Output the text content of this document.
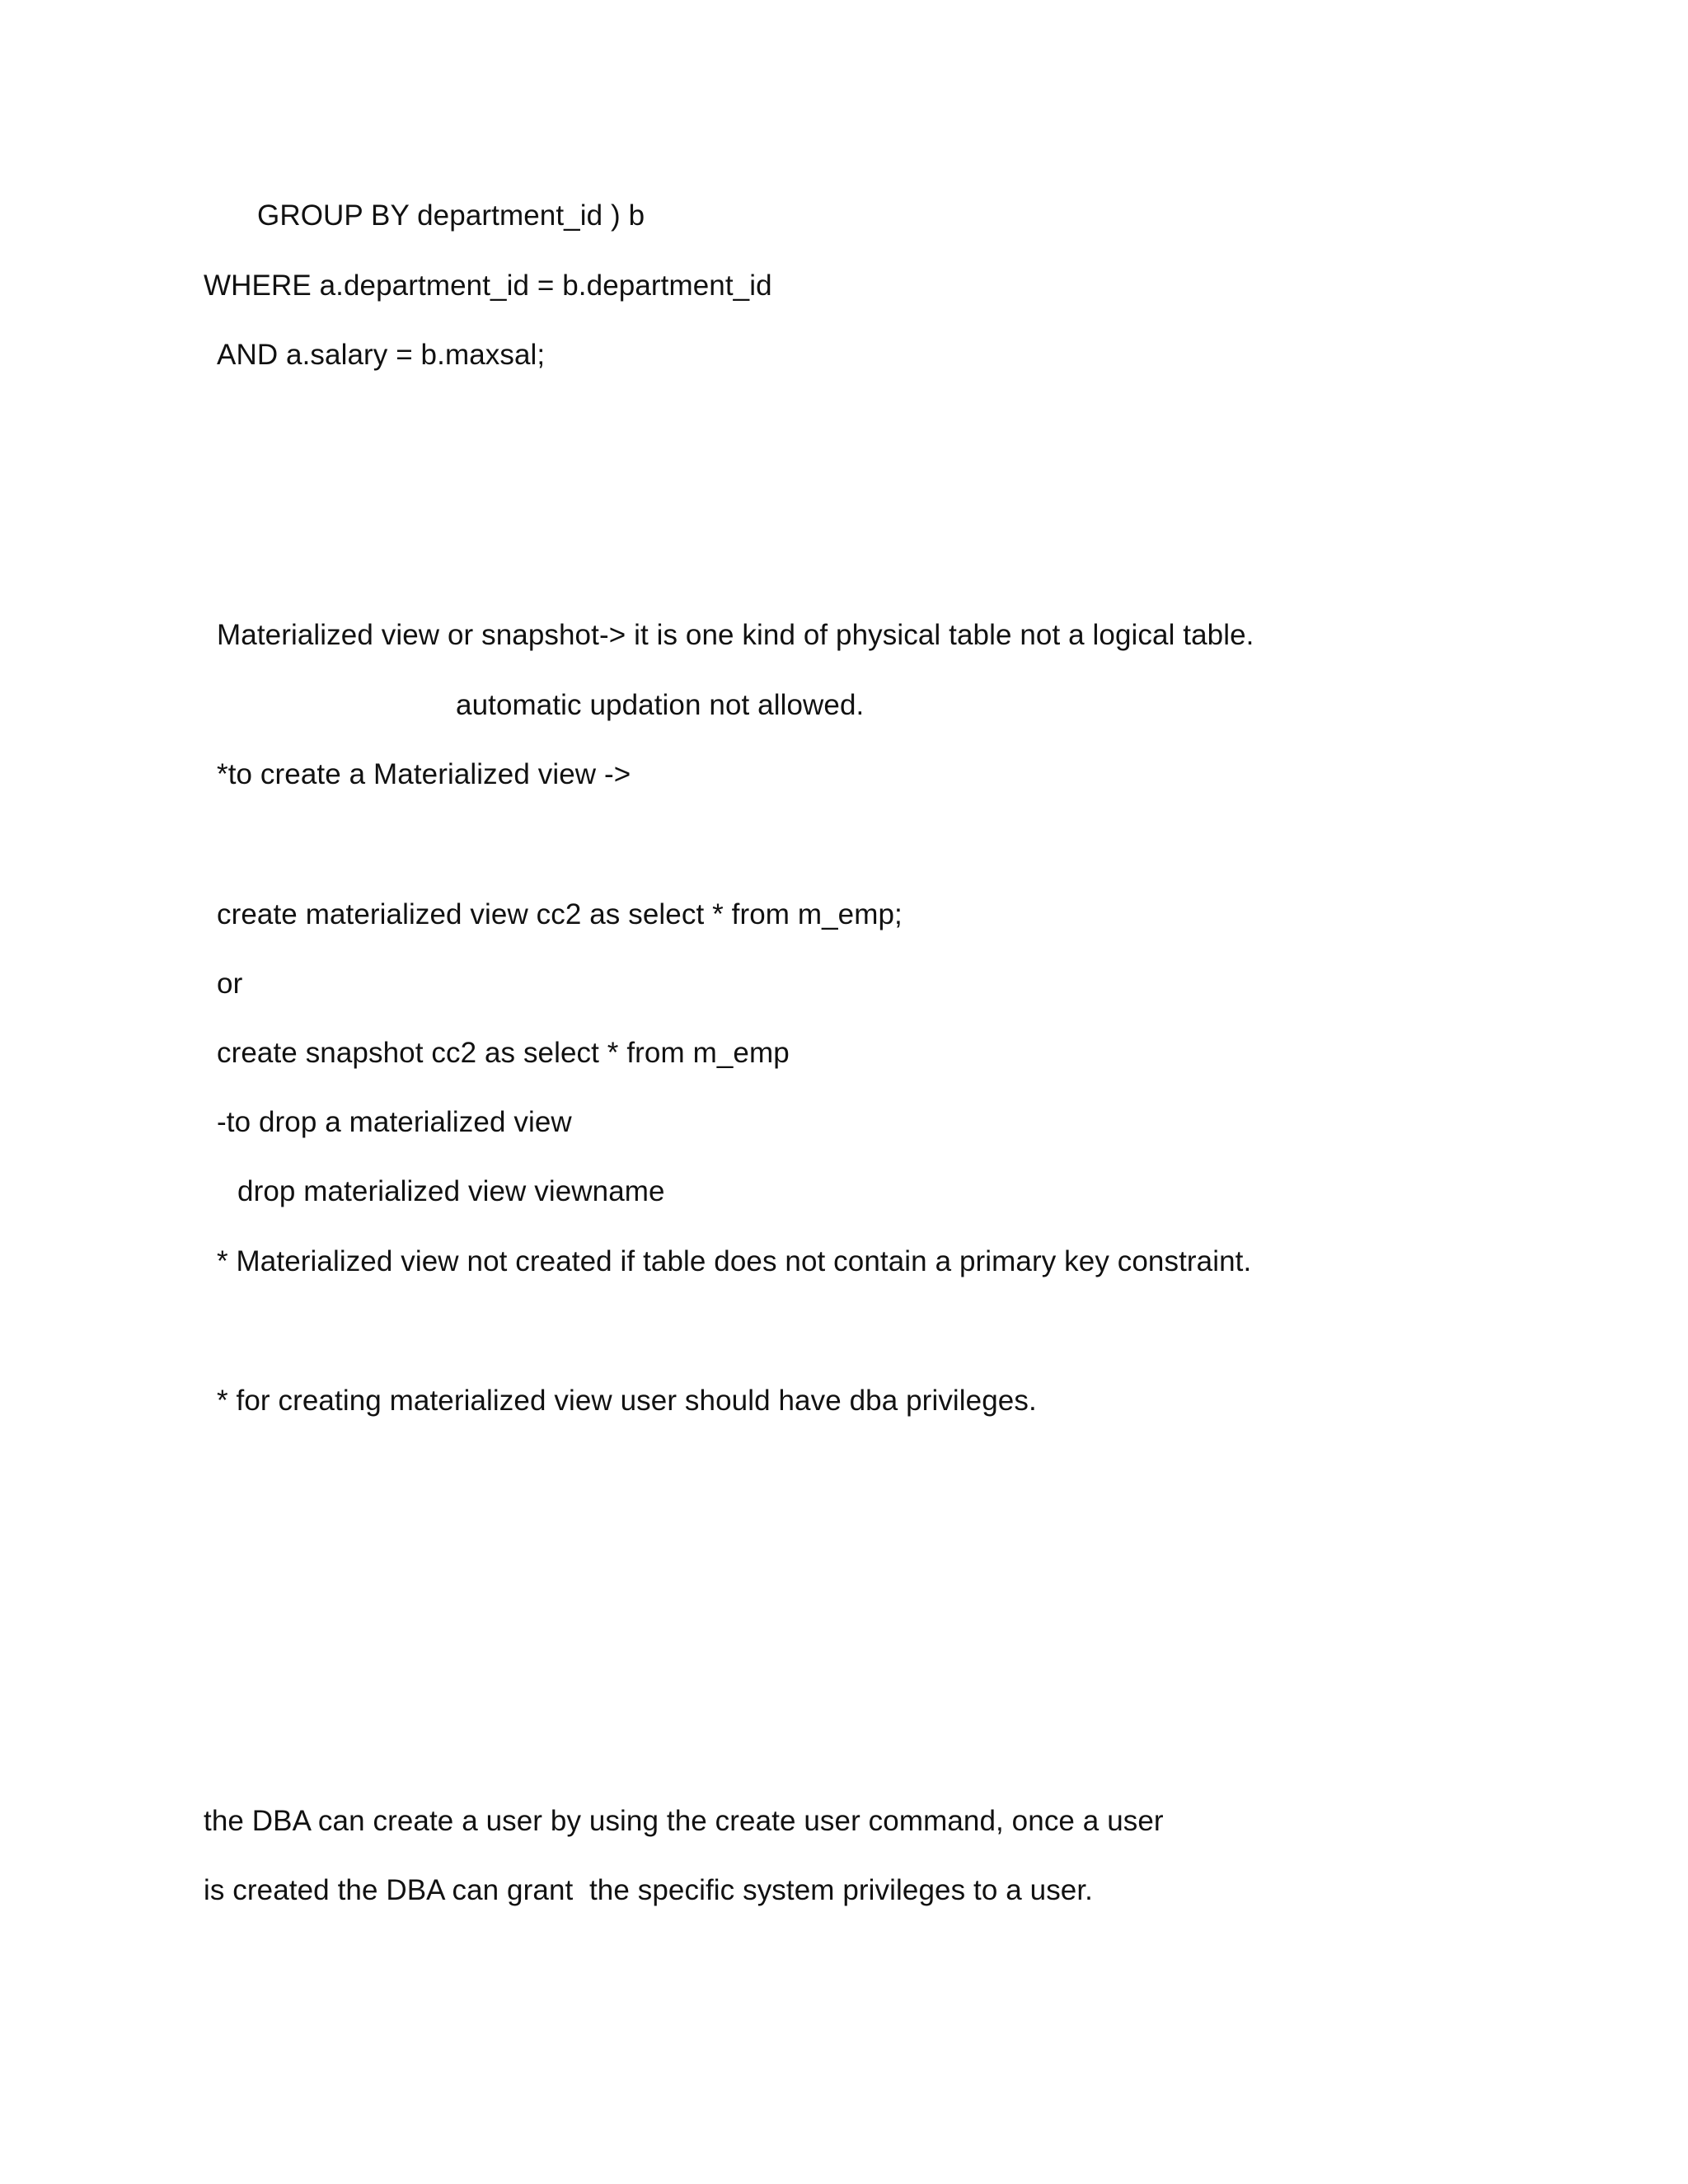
GROUP BY department_id ) b
WHERE a.department_id = b.department_id
AND a.salary = b.maxsal;
Materialized view or snapshot-> it is one kind of physical table not a logical table.
automatic updation not allowed.
*to create a Materialized view ->
create materialized view cc2 as select * from m_emp;
or
create snapshot cc2 as select * from m_emp
-to drop a materialized view
drop materialized view viewname
* Materialized view not created if table does not contain a primary key constraint.
* for creating materialized view user should have dba privileges.
the DBA can create a user by using the create user command, once a user
is created the DBA can grant  the specific system privileges to a user.
